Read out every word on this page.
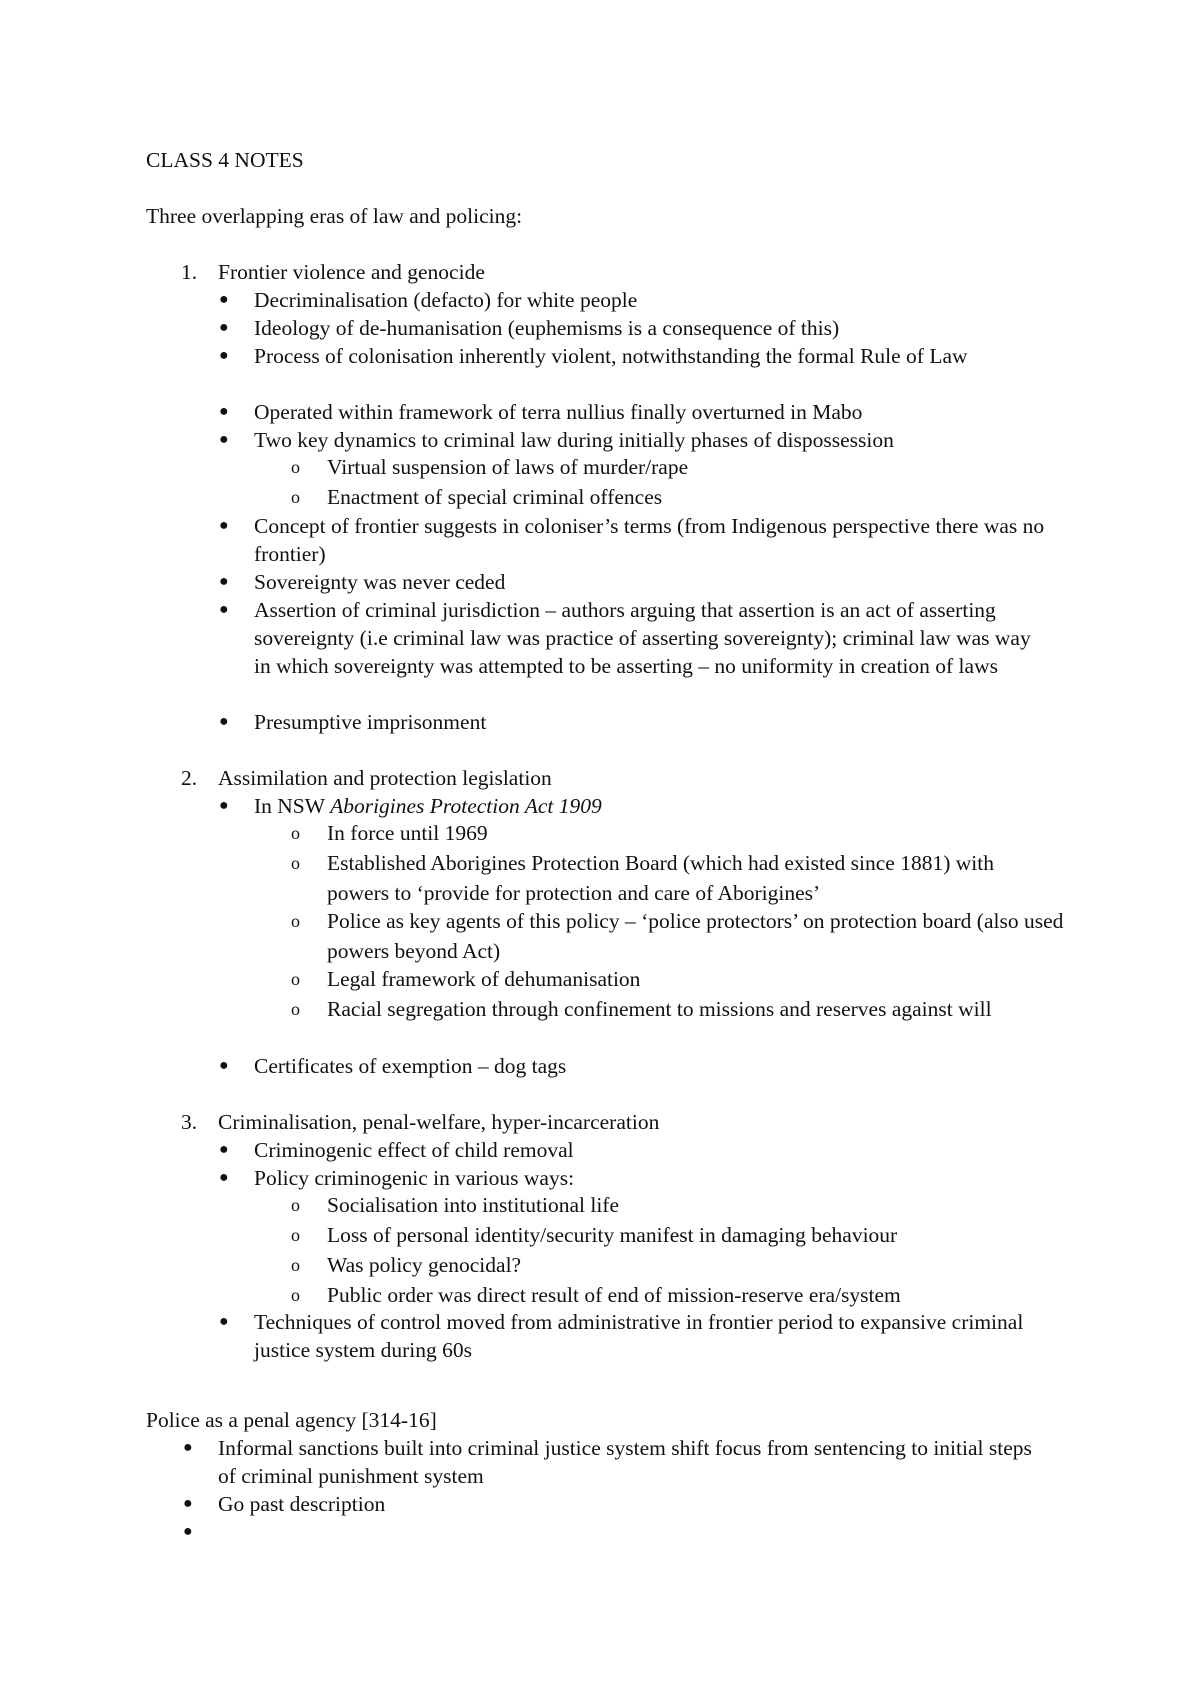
CLASS 4 NOTES
Three overlapping eras of law and policing:
1. Frontier violence and genocide
● Decriminalisation (defacto) for white people
● Ideology of de-humanisation (euphemisms is a consequence of this)
● Process of colonisation inherently violent, notwithstanding the formal Rule of Law
● Operated within framework of terra nullius finally overturned in Mabo
● Two key dynamics to criminal law during initially phases of dispossession
o Virtual suspension of laws of murder/rape
o Enactment of special criminal offences
● Concept of frontier suggests in coloniser’s terms (from Indigenous perspective there was no frontier)
● Sovereignty was never ceded
● Assertion of criminal jurisdiction – authors arguing that assertion is an act of asserting sovereignty (i.e criminal law was practice of asserting sovereignty); criminal law was way in which sovereignty was attempted to be asserting – no uniformity in creation of laws
● Presumptive imprisonment
2. Assimilation and protection legislation
● In NSW Aborigines Protection Act 1909
o In force until 1969
o Established Aborigines Protection Board (which had existed since 1881) with powers to ‘provide for protection and care of Aborigines’
o Police as key agents of this policy – ‘police protectors’ on protection board (also used powers beyond Act)
o Legal framework of dehumanisation
o Racial segregation through confinement to missions and reserves against will
● Certificates of exemption – dog tags
3. Criminalisation, penal-welfare, hyper-incarceration
● Criminogenic effect of child removal
● Policy criminogenic in various ways:
o Socialisation into institutional life
o Loss of personal identity/security manifest in damaging behaviour
o Was policy genocidal?
o Public order was direct result of end of mission-reserve era/system
● Techniques of control moved from administrative in frontier period to expansive criminal justice system during 60s
Police as a penal agency [314-16]
● Informal sanctions built into criminal justice system shift focus from sentencing to initial steps of criminal punishment system
● Go past description
●
